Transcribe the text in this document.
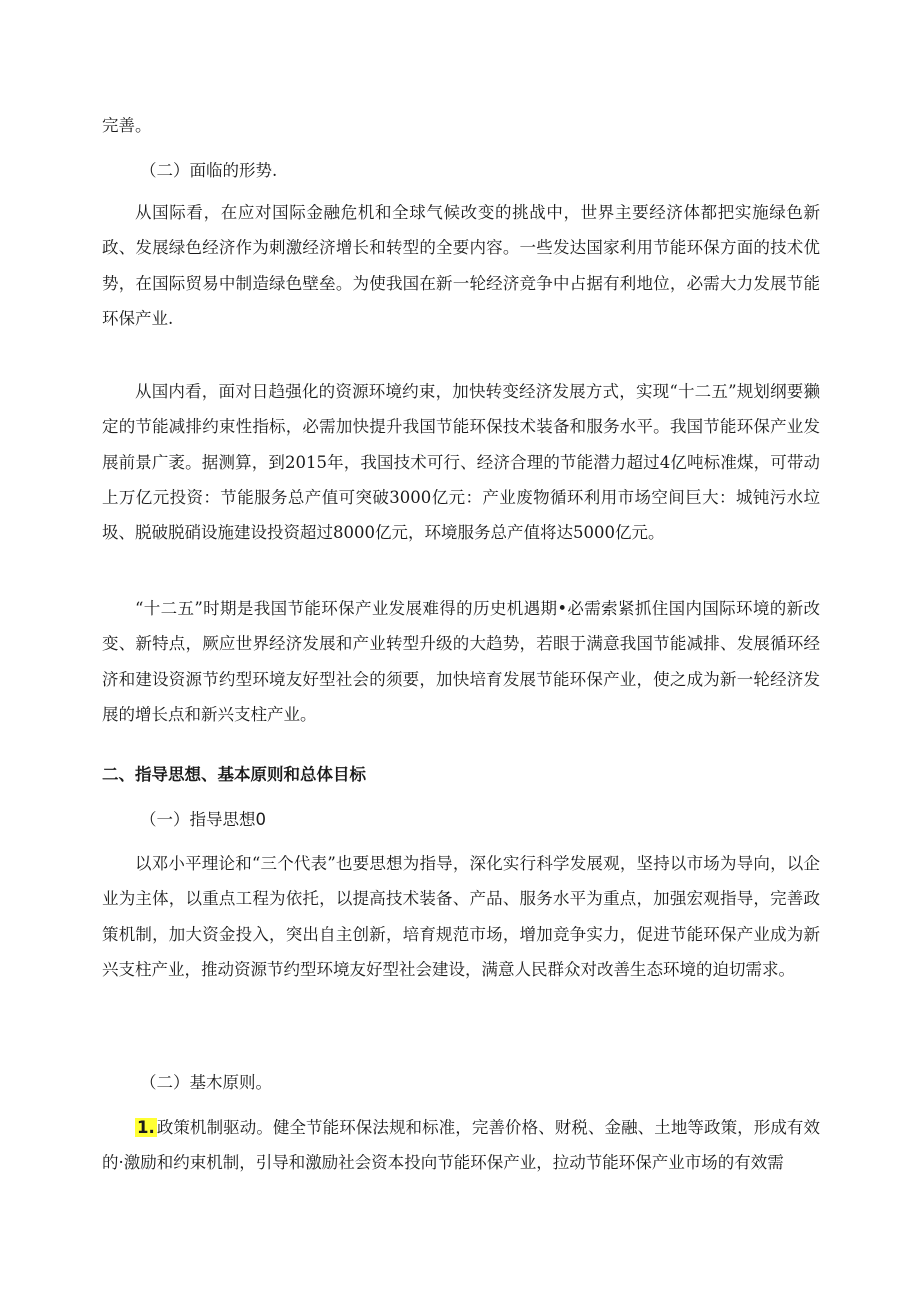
完善。

（二）面临的形势.

从国际看，在应对国际金融危机和全球气候改变的挑战中，世界主要经济体都把实施绿色新政、发展绿色经济作为刺激经济增长和转型的全要内容。一些发达国家利用节能环保方面的技术优势，在国际贸易中制造绿色壁垒。为使我国在新一轮经济竞争中占据有利地位，必需大力发展节能环保产业.

从国内看，面对日趋强化的资源环境约束，加快转变经济发展方式，实现“十二五”规划纲要獭定的节能减排约束性指标，必需加快提升我国节能环保技术装备和服务水平。我国节能环保产业发展前景广袤。据测算，到2015年，我国技术可行、经济合理的节能潜力超过4亿吨标准煤，可带动上万亿元投资：节能服务总产值可突破3000亿元：产业废物循环利用市场空间巨大：城钝污水垃圾、脱破脱硝设施建设投资超过8000亿元，环境服务总产值将达5000亿元。

“十二五”时期是我国节能环保产业发展难得的历史机遇期•必需索紧抓住国内国际环境的新改变、新特点，厥应世界经济发展和产业转型升级的大趋势，若眼于满意我国节能减排、发展循环经济和建设资源节约型环境友好型社会的须要，加快培育发展节能环保产业，使之成为新一轮经济发展的增长点和新兴支柱产业。

二、指导思想、基本原则和总体目标

（一）指导思想0

以邓小平理论和“三个代表”也要思想为指导，深化实行科学发展观，坚持以市场为导向，以企业为主体，以重点工程为依托，以提高技术装备、产品、服务水平为重点，加强宏观指导，完善政策机制，加大资金投入，突出自主创新，培育规范市场，增加竞争实力，促进节能环保产业成为新兴支柱产业，推动资源节约型环境友好型社会建设，满意人民群众对改善生态环境的迫切需求。

（二）基木原则。

1. 政策机制驱动。健全节能环保法规和标准，完善价格、财税、金融、土地等政策，形成有效的·激励和约束机制，引导和激励社会资本投向节能环保产业，拉动节能环保产业市场的有效需
